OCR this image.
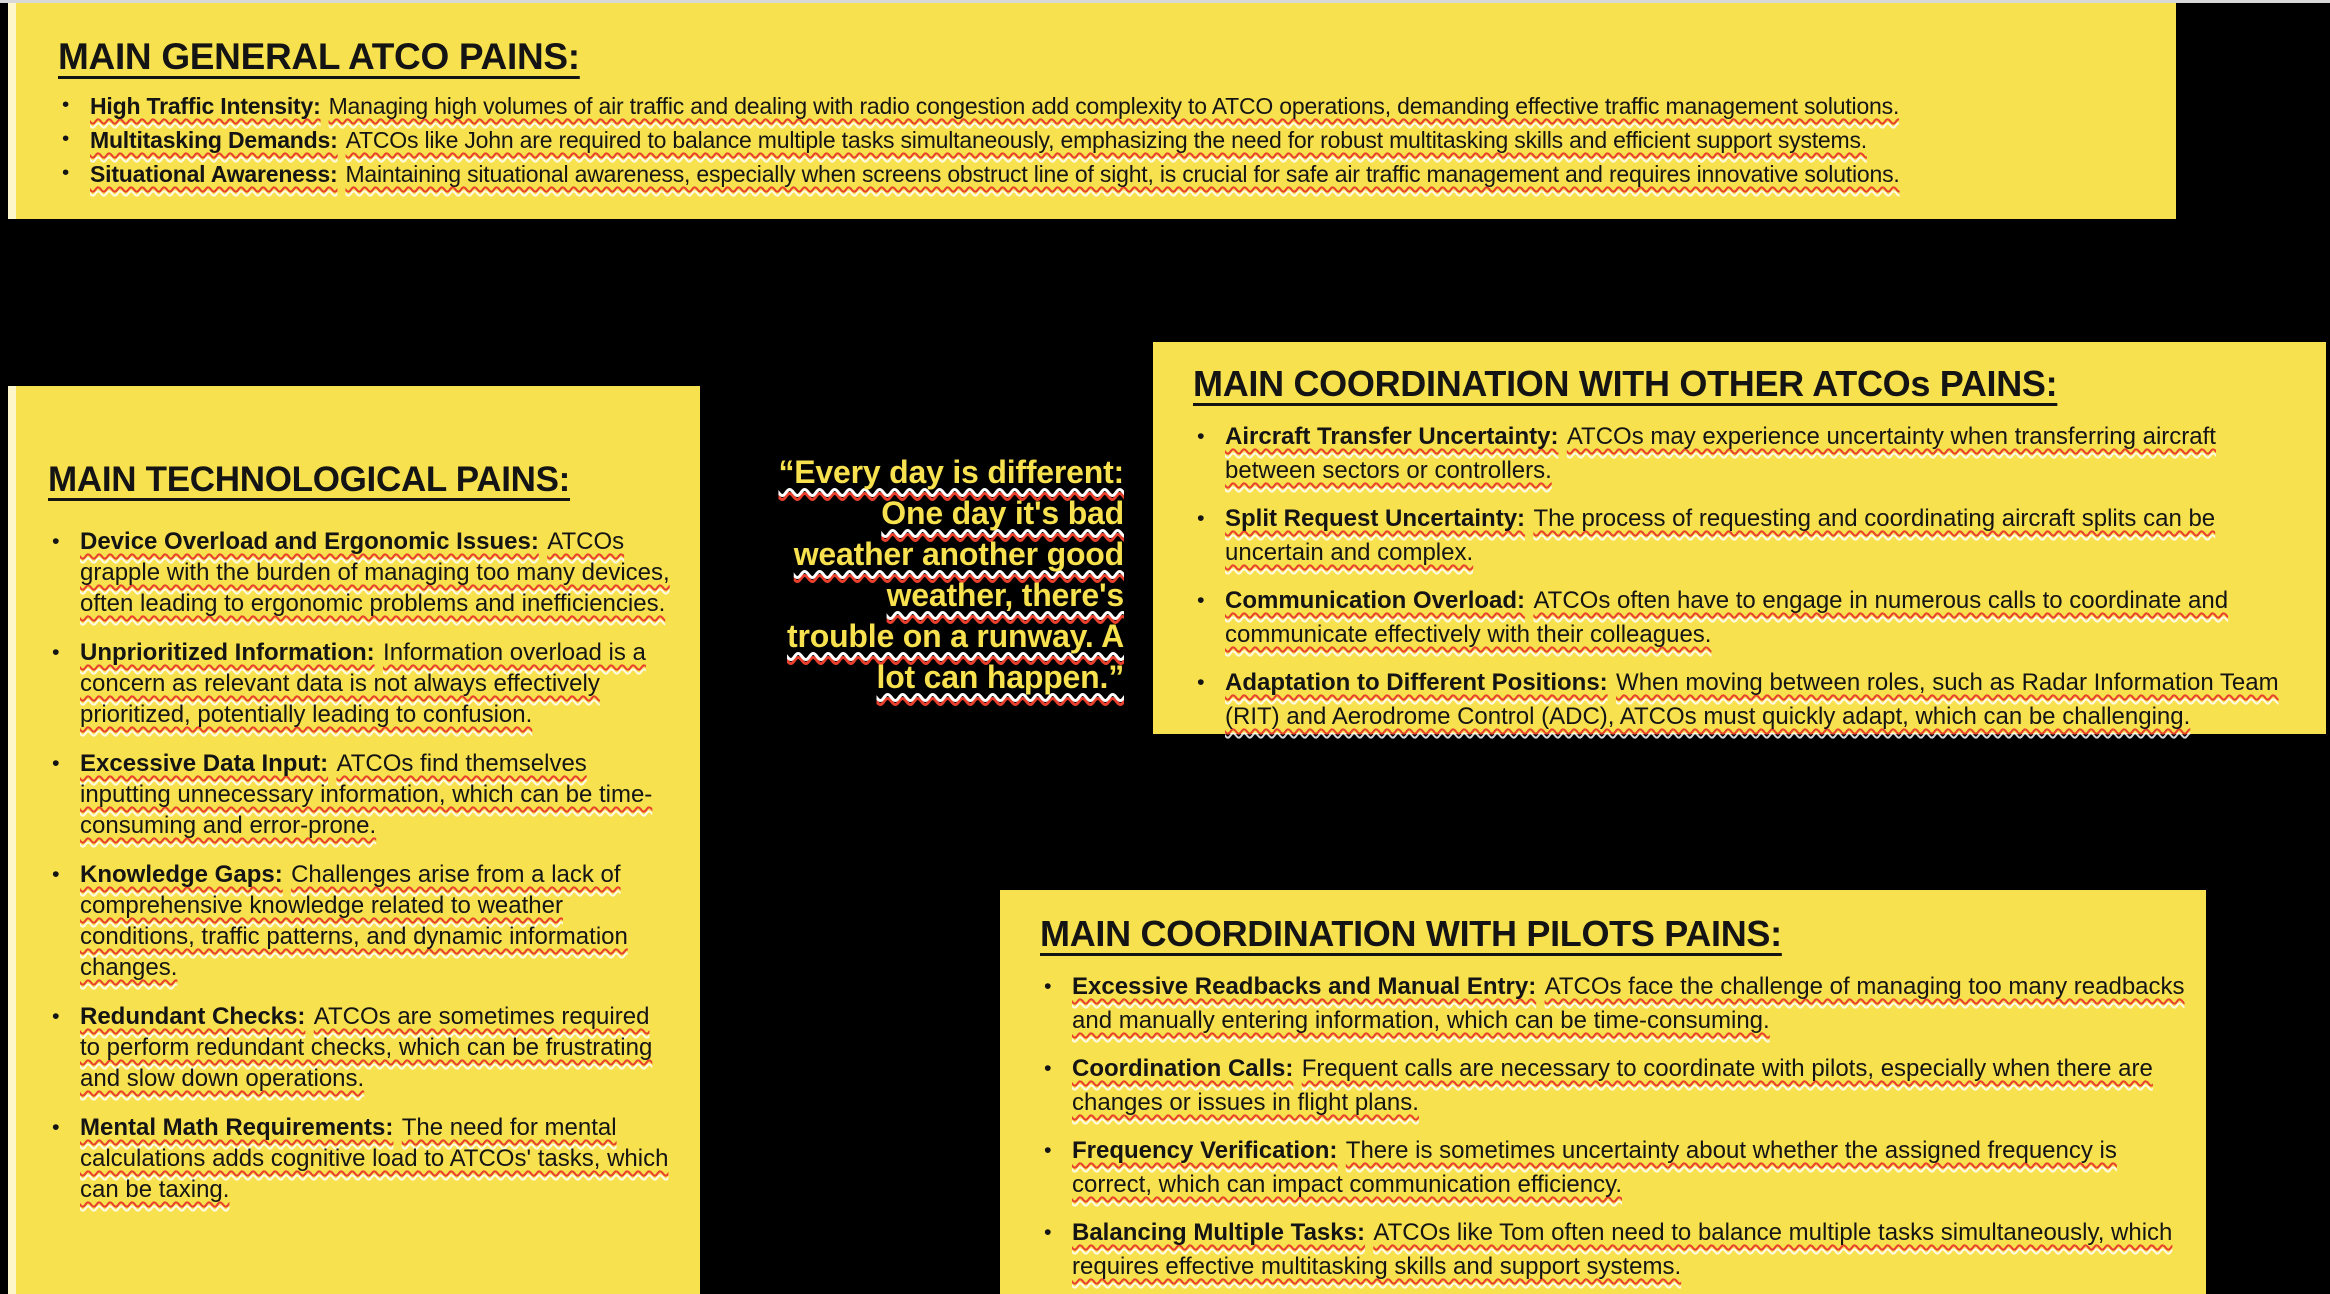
MAIN GENERAL ATCO PAINS:
• High Traffic Intensity: Managing high volumes of air traffic and dealing with radio congestion add complexity to ATCO operations, demanding effective traffic management solutions.
• Multitasking Demands: ATCOs like John are required to balance multiple tasks simultaneously, emphasizing the need for robust multitasking skills and efficient support systems.
• Situational Awareness: Maintaining situational awareness, especially when screens obstruct line of sight, is crucial for safe air traffic management and requires innovative solutions.
MAIN TECHNOLOGICAL PAINS:
• Device Overload and Ergonomic Issues: ATCOs grapple with the burden of managing too many devices, often leading to ergonomic problems and inefficiencies.
• Unprioritized Information: Information overload is a concern as relevant data is not always effectively prioritized, potentially leading to confusion.
• Excessive Data Input: ATCOs find themselves inputting unnecessary information, which can be time-consuming and error-prone.
• Knowledge Gaps: Challenges arise from a lack of comprehensive knowledge related to weather conditions, traffic patterns, and dynamic information changes.
• Redundant Checks: ATCOs are sometimes required to perform redundant checks, which can be frustrating and slow down operations.
• Mental Math Requirements: The need for mental calculations adds cognitive load to ATCOs' tasks, which can be taxing.
“Every day is different:
One day it's bad
weather another good
weather, there's
trouble on a runway. A
lot can happen.”
MAIN COORDINATION WITH OTHER ATCOs PAINS:
• Aircraft Transfer Uncertainty: ATCOs may experience uncertainty when transferring aircraft between sectors or controllers.
• Split Request Uncertainty: The process of requesting and coordinating aircraft splits can be uncertain and complex.
• Communication Overload: ATCOs often have to engage in numerous calls to coordinate and communicate effectively with their colleagues.
• Adaptation to Different Positions: When moving between roles, such as Radar Information Team (RIT) and Aerodrome Control (ADC), ATCOs must quickly adapt, which can be challenging.
MAIN COORDINATION WITH PILOTS PAINS:
• Excessive Readbacks and Manual Entry: ATCOs face the challenge of managing too many readbacks and manually entering information, which can be time-consuming.
• Coordination Calls: Frequent calls are necessary to coordinate with pilots, especially when there are changes or issues in flight plans.
• Frequency Verification: There is sometimes uncertainty about whether the assigned frequency is correct, which can impact communication efficiency.
• Balancing Multiple Tasks: ATCOs like Tom often need to balance multiple tasks simultaneously, which requires effective multitasking skills and support systems.
